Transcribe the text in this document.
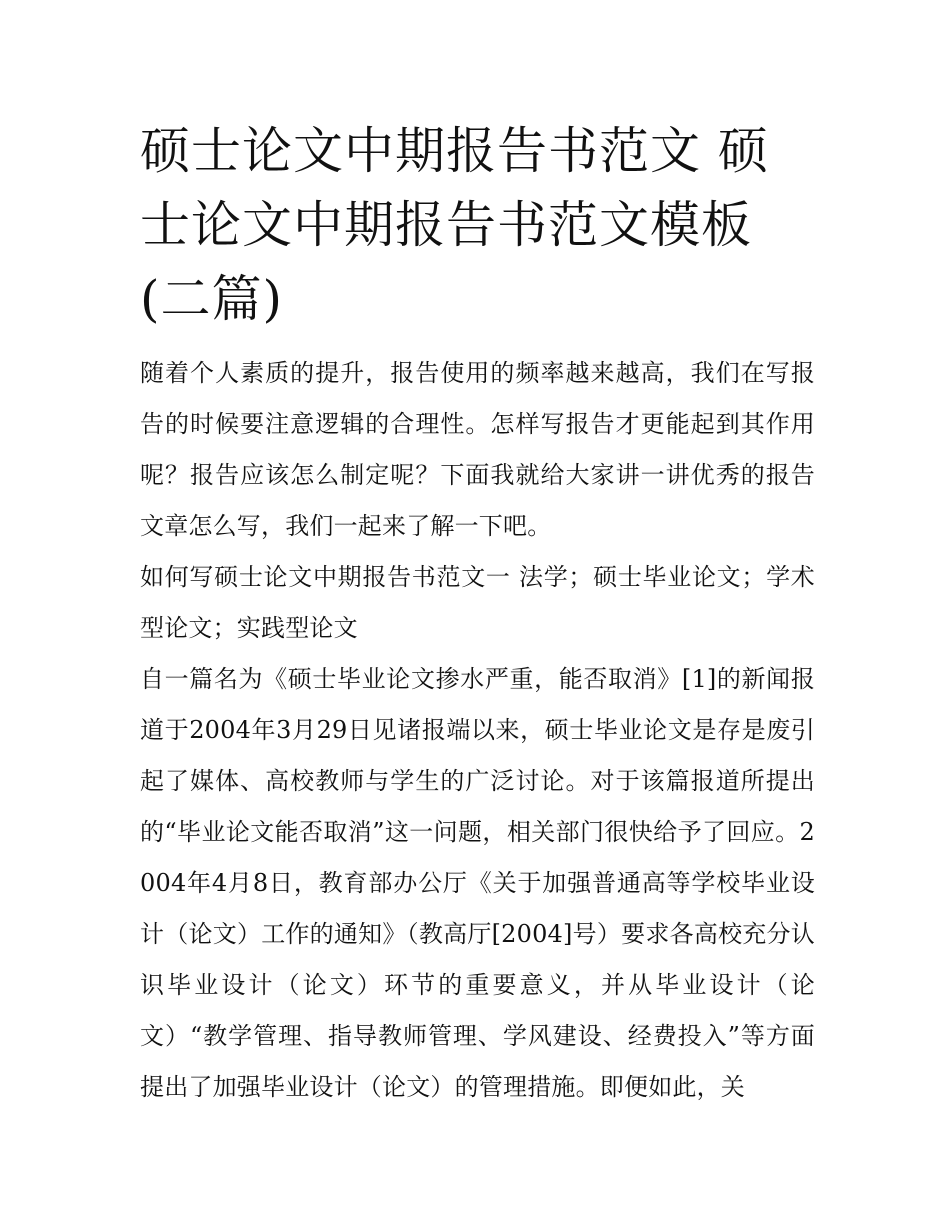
硕士论文中期报告书范文 硕士论文中期报告书范文模板(二篇)

随着个人素质的提升，报告使用的频率越来越高，我们在写报告的时候要注意逻辑的合理性。怎样写报告才更能起到其作用呢？报告应该怎么制定呢？下面我就给大家讲一讲优秀的报告文章怎么写，我们一起来了解一下吧。

如何写硕士论文中期报告书范文一 法学；硕士毕业论文；学术型论文；实践型论文

自一篇名为《硕士毕业论文掺水严重，能否取消》[1]的新闻报道于2004年3月29日见诸报端以来，硕士毕业论文是存是废引起了媒体、高校教师与学生的广泛讨论。对于该篇报道所提出的“毕业论文能否取消”这一问题，相关部门很快给予了回应。2004年4月8日，教育部办公厅《关于加强普通高等学校毕业设计（论文）工作的通知》（教高厅[2004]号）要求各高校充分认识毕业设计（论文）环节的重要意义，并从毕业设计（论文）“教学管理、指导教师管理、学风建设、经费投入”等方面提出了加强毕业设计（论文）的管理措施。即便如此，关
